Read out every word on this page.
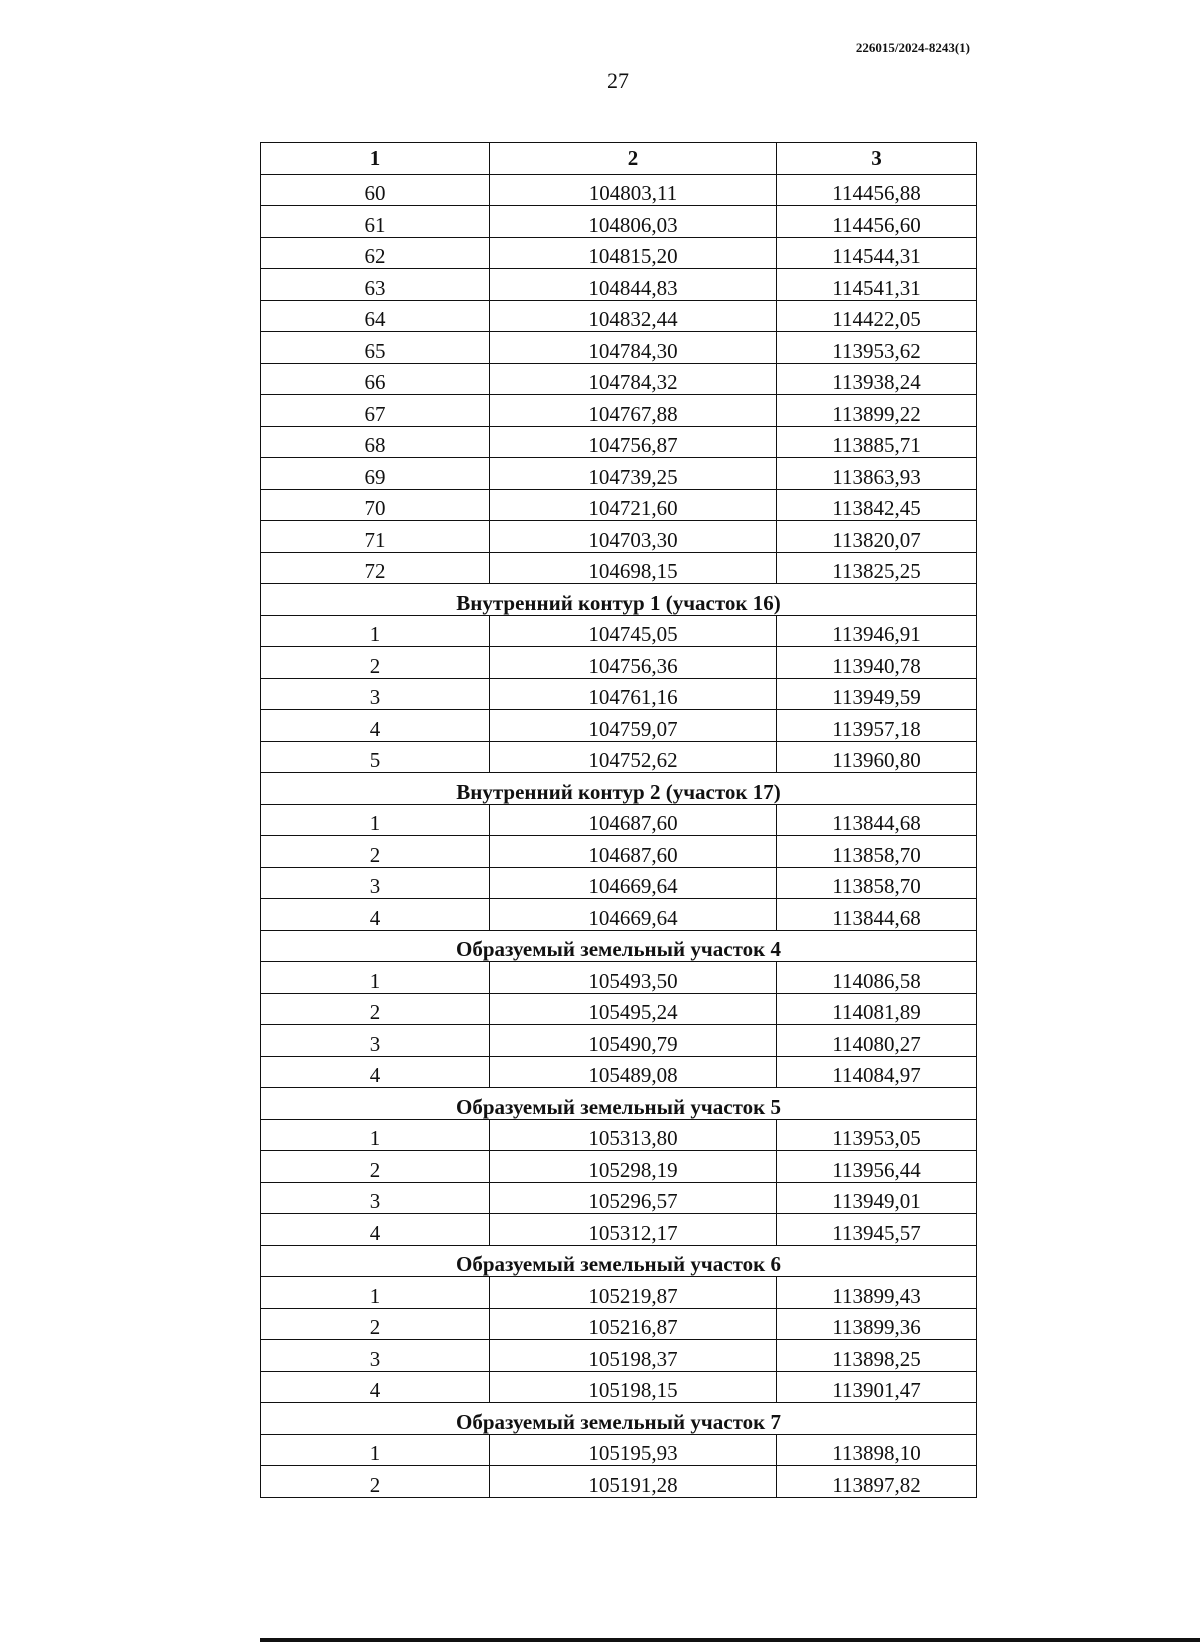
226015/2024-8243(1)
27
1	2	3
60	104803,11	114456,88
61	104806,03	114456,60
62	104815,20	114544,31
63	104844,83	114541,31
64	104832,44	114422,05
65	104784,30	113953,62
66	104784,32	113938,24
67	104767,88	113899,22
68	104756,87	113885,71
69	104739,25	113863,93
70	104721,60	113842,45
71	104703,30	113820,07
72	104698,15	113825,25
Внутренний контур 1 (участок 16)		
1	104745,05	113946,91
2	104756,36	113940,78
3	104761,16	113949,59
4	104759,07	113957,18
5	104752,62	113960,80
Внутренний контур 2 (участок 17)		
1	104687,60	113844,68
2	104687,60	113858,70
3	104669,64	113858,70
4	104669,64	113844,68
Образуемый земельный участок 4		
1	105493,50	114086,58
2	105495,24	114081,89
3	105490,79	114080,27
4	105489,08	114084,97
Образуемый земельный участок 5		
1	105313,80	113953,05
2	105298,19	113956,44
3	105296,57	113949,01
4	105312,17	113945,57
Образуемый земельный участок 6		
1	105219,87	113899,43
2	105216,87	113899,36
3	105198,37	113898,25
4	105198,15	113901,47
Образуемый земельный участок 7		
1	105195,93	113898,10
2	105191,28	113897,82
